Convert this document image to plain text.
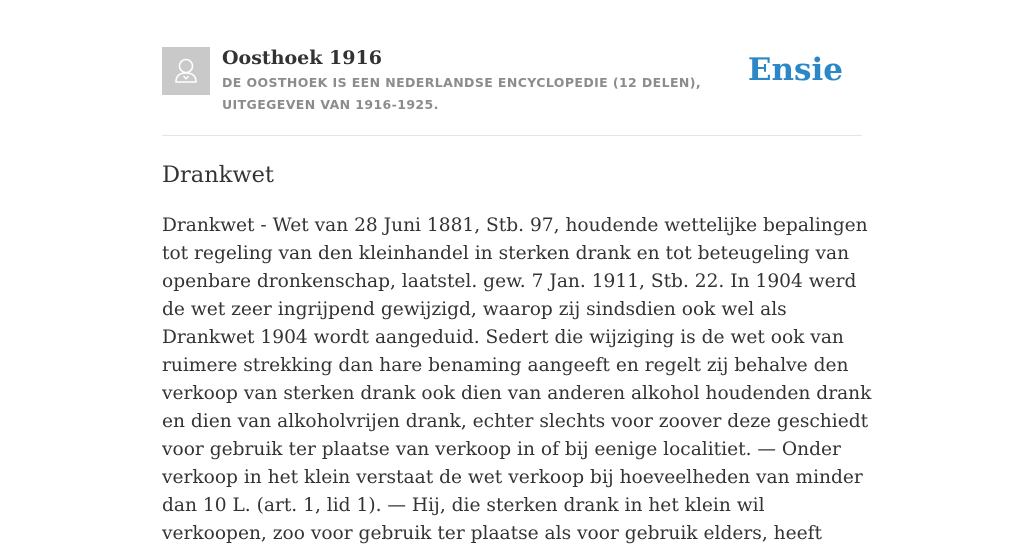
Oosthoek 1916

DE OOSTHOEK IS EEN NEDERLANDSE ENCYCLOPEDIE (12 DELEN), UITGEGEVEN VAN 1916-1925.

Ensie
Drankwet

Drankwet - Wet van 28 Juni 1881, Stb. 97, houdende wettelijke bepalingen tot regeling van den kleinhandel in sterken drank en tot beteugeling van openbare dronkenschap, laatstel. gew. 7 Jan. 1911, Stb. 22. In 1904 werd de wet zeer ingrijpend gewijzigd, waarop zij sindsdien ook wel als Drankwet 1904 wordt aangeduid. Sedert die wijziging is de wet ook van ruimere strekking dan hare benaming aangeeft en regelt zij behalve den verkoop van sterken drank ook dien van anderen alkohol houdenden drank en dien van alkoholvrijen drank, echter slechts voor zoover deze geschiedt voor gebruik ter plaatse van verkoop in of bij eenige localitiet. — Onder verkoop in het klein verstaat de wet verkoop bij hoeveelheden van minder dan 10 L. (art. 1, lid 1). — Hij, die sterken drank in het klein wil verkoopen, zoo voor gebruik ter plaatse als voor gebruik elders, heeft
